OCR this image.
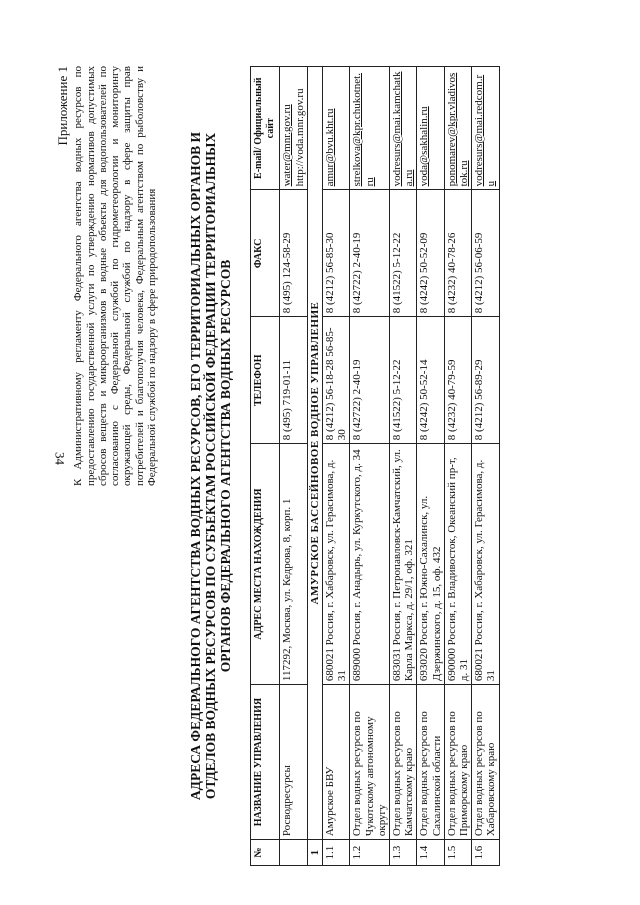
34
Приложение 1 К Административному регламенту Федерального агентства водных ресурсов по предоставлению государственной услуги по утверждению нормативов допустимых сбросов веществ и микроорганизмов в водные объекты для водопользователей по согласованию с Федеральной службой по гидрометеорологии и мониторингу окружающей среды, Федеральной службой по надзору в сфере защиты прав потребителей и благополучия человека, Федеральным агентством по рыболовству и Федеральной службой по надзору в сфере природопользования АДРЕСА ФЕДЕРАЛЬНОГО АГЕНТСТВА ВОДНЫХ РЕСУРСОВ, ЕГО ТЕРРИТОРИАЛЬНЫХ ОРГАНОВ И ОТДЕЛОВ ВОДНЫХ РЕСУРСОВ ПО СУБЪЕКТАМ РОССИЙСКОЙ ФЕДЕРАЦИИ ТЕРРИТОРИАЛЬНЫХ ОРГАНОВ ФЕДЕРАЛЬНОГО АГЕНТСТВА ВОДНЫХ РЕСУРСОВ
№	НАЗВАНИЕ УПРАВЛЕНИЯ	АДРЕС МЕСТА НАХОЖДЕНИЯ	ТЕЛЕФОН	ФАКС	E-mail/ Официальный сайт
	Росводресурсы	117292, Москва, ул. Кедрова, 8, корп. 1	8 (495) 719-01-11	8 (495) 124-58-29	water@mnr.gov.ru http://voda.mnr.gov.ru

1	АМУРСКОЕ БАССЕЙНОВОЕ ВОДНОЕ УПРАВЛЕНИЕ				
1.1	Амурское БВУ	680021 Россия, г. Хабаровск, ул. Герасимова, д. 31	8 (4212) 56-18-28 56-85-30	8 (4212) 56-85-30	amur@bvu.kht.ru
1.2	Отдел водных ресурсов по Чукотскому автономному округу	689000 Россия, г. Анадырь, ул. Куркутского, д. 34	8 (42722) 2-40-19	8 (42722) 2-40-19	strelkova@kpr.chukotnet.ru
1.3	Отдел водных ресурсов по Камчатскому краю	683031 Россия, г. Петропавловск-Камчатский, ул. Карла Маркса, д. 29/1, оф. 321	8 (41522) 5-12-22	8 (41522) 5-12-22	vodresurs@mai.kamchatka.ru
1.4	Отдел водных ресурсов по Сахалинской области	693020 Россия, г. Южно-Сахалинск, ул. Дзержинского, д. 15, оф. 432	8 (4242) 50-52-14	8 (4242) 50-52-09	voda@sakhalin.ru
1.5	Отдел водных ресурсов по Приморскому краю	690000 Россия, г. Владивосток, Океанский пр-т, д. 31	8 (4232) 40-79-59	8 (4232) 40-78-26	ponomarev@kpr.vladivostok.ru
1.6	Отдел водных ресурсов по Хабаровскому краю	680021 Россия, г. Хабаровск, ул. Герасимова, д. 31	8 (4212) 56-89-29	8 (4212) 56-06-59	vodresurs@mai.redcom.ru
